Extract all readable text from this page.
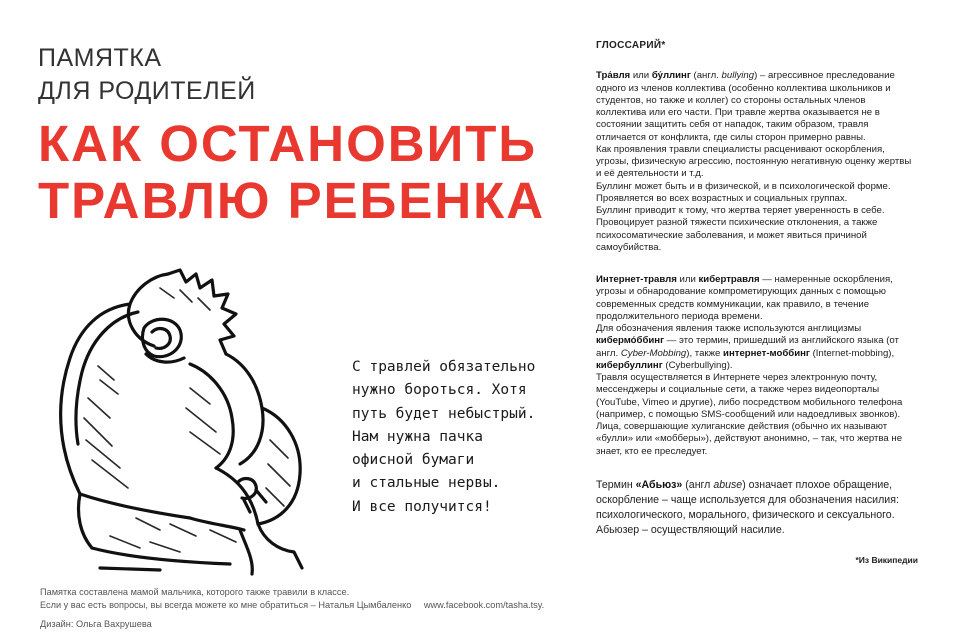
ПАМЯТКА
ДЛЯ РОДИТЕЛЕЙ
КАК ОСТАНОВИТЬ
ТРАВЛЮ РЕБЕНКА
С травлей обязательно
нужно бороться. Хотя
путь будет небыстрый.
Нам нужна пачка
офисной бумаги
и стальные нервы.
И все получится!
Памятка составлена мамой мальчика, которого также травили в классе.
Если у вас есть вопросы, вы всегда можете ко мне обратиться – Наталья Цымбаленко www.facebook.com/tasha.tsy.
Дизайн: Ольга Вахрушева
ГЛОССАРИЙ*

Тра́вля или бу́ллинг (англ. bullying) – агрессивное преследование одного из членов коллектива (особенно коллектива школьников и студентов, но также и коллег) со стороны остальных членов коллектива или его части. При травле жертва оказывается не в состоянии защитить себя от нападок, таким образом, травля отличается от конфликта, где силы сторон примерно равны.

Как проявления травли специалисты расценивают оскорбления, угрозы, физическую агрессию, постоянную негативную оценку жертвы и её деятельности и т.д.

Буллинг может быть и в физической, и в психологической форме. Проявляется во всех возрастных и социальных группах.

Буллинг приводит к тому, что жертва теряет уверенность в себе. Провоцирует разной тяжести психические отклонения, а также психосоматические заболевания, и может явиться причиной самоубийства.

Интернет-травля или кибертравля — намеренные оскорбления, угрозы и обнародование компрометирующих данных с помощью современных средств коммуникации, как правило, в течение продолжительного периода времени.

Для обозначения явления также используются англицизмы

кибермо́ббинг — это термин, пришедший из английского языка (от англ. Cyber-Mobbing), также интернет-моббинг (Internet-mobbing), кибербуллинг (Cyberbullying).

Травля осуществляется в Интернете через электронную почту, мессенджеры и социальные сети, а также через видеопорталы (YouTube, Vimeo и другие), либо посредством мобильного телефона (например, с помощью SMS-сообщений или надоедливых звонков).

Лица, совершающие хулиганские действия (обычно их называют «булли» или «мобберы»), действуют анонимно, – так, что жертва не знает, кто ее преследует.

Термин «Абьюз» (англ abuse) означает плохое обращение, оскорбление – чаще используется для обозначения насилия: психологического, морального, физического и сексуального. Абьюзер – осуществляющий насилие.

*Из Википедии
